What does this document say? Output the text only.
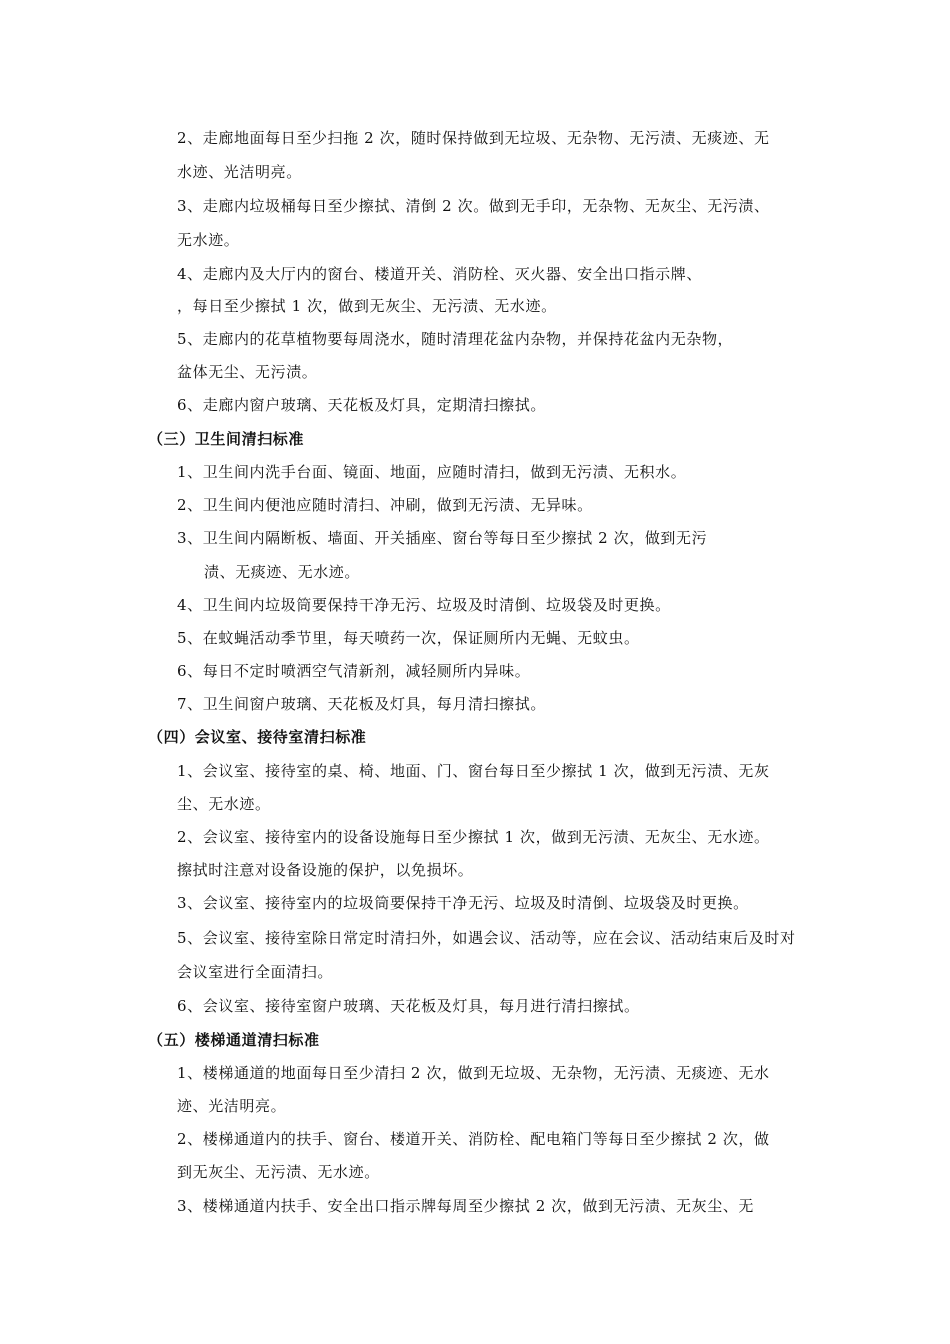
2、走廊地面每日至少扫拖 2 次，随时保持做到无垃圾、无杂物、无污渍、无痰迹、无
水迹、光洁明亮。
3、走廊内垃圾桶每日至少擦拭、清倒 2 次。做到无手印，无杂物、无灰尘、无污渍、
无水迹。
4、走廊内及大厅内的窗台、楼道开关、消防栓、灭火器、安全出口指示牌、
，每日至少擦拭 1 次，做到无灰尘、无污渍、无水迹。
5、走廊内的花草植物要每周浇水，随时清理花盆内杂物，并保持花盆内无杂物，
盆体无尘、无污渍。
6、走廊内窗户玻璃、天花板及灯具，定期清扫擦拭。
（三）卫生间清扫标准
1、卫生间内洗手台面、镜面、地面，应随时清扫，做到无污渍、无积水。
2、卫生间内便池应随时清扫、冲刷，做到无污渍、无异味。
3、卫生间内隔断板、墙面、开关插座、窗台等每日至少擦拭 2 次，做到无污
渍、无痰迹、无水迹。
4、卫生间内垃圾筒要保持干净无污、垃圾及时清倒、垃圾袋及时更换。
5、在蚊蝇活动季节里，每天喷药一次，保证厕所内无蝇、无蚊虫。
6、每日不定时喷洒空气清新剂，减轻厕所内异味。
7、卫生间窗户玻璃、天花板及灯具，每月清扫擦拭。
（四）会议室、接待室清扫标准
1、会议室、接待室的桌、椅、地面、门、窗台每日至少擦拭 1 次，做到无污渍、无灰
尘、无水迹。
2、会议室、接待室内的设备设施每日至少擦拭 1 次，做到无污渍、无灰尘、无水迹。
擦拭时注意对设备设施的保护，以免损坏。
3、会议室、接待室内的垃圾筒要保持干净无污、垃圾及时清倒、垃圾袋及时更换。
5、会议室、接待室除日常定时清扫外，如遇会议、活动等，应在会议、活动结束后及时对
会议室进行全面清扫。
6、会议室、接待室窗户玻璃、天花板及灯具，每月进行清扫擦拭。
（五）楼梯通道清扫标准
1、楼梯通道的地面每日至少清扫 2 次，做到无垃圾、无杂物，无污渍、无痰迹、无水
迹、光洁明亮。
2、楼梯通道内的扶手、窗台、楼道开关、消防栓、配电箱门等每日至少擦拭 2 次，做
到无灰尘、无污渍、无水迹。
3、楼梯通道内扶手、安全出口指示牌每周至少擦拭 2 次，做到无污渍、无灰尘、无
